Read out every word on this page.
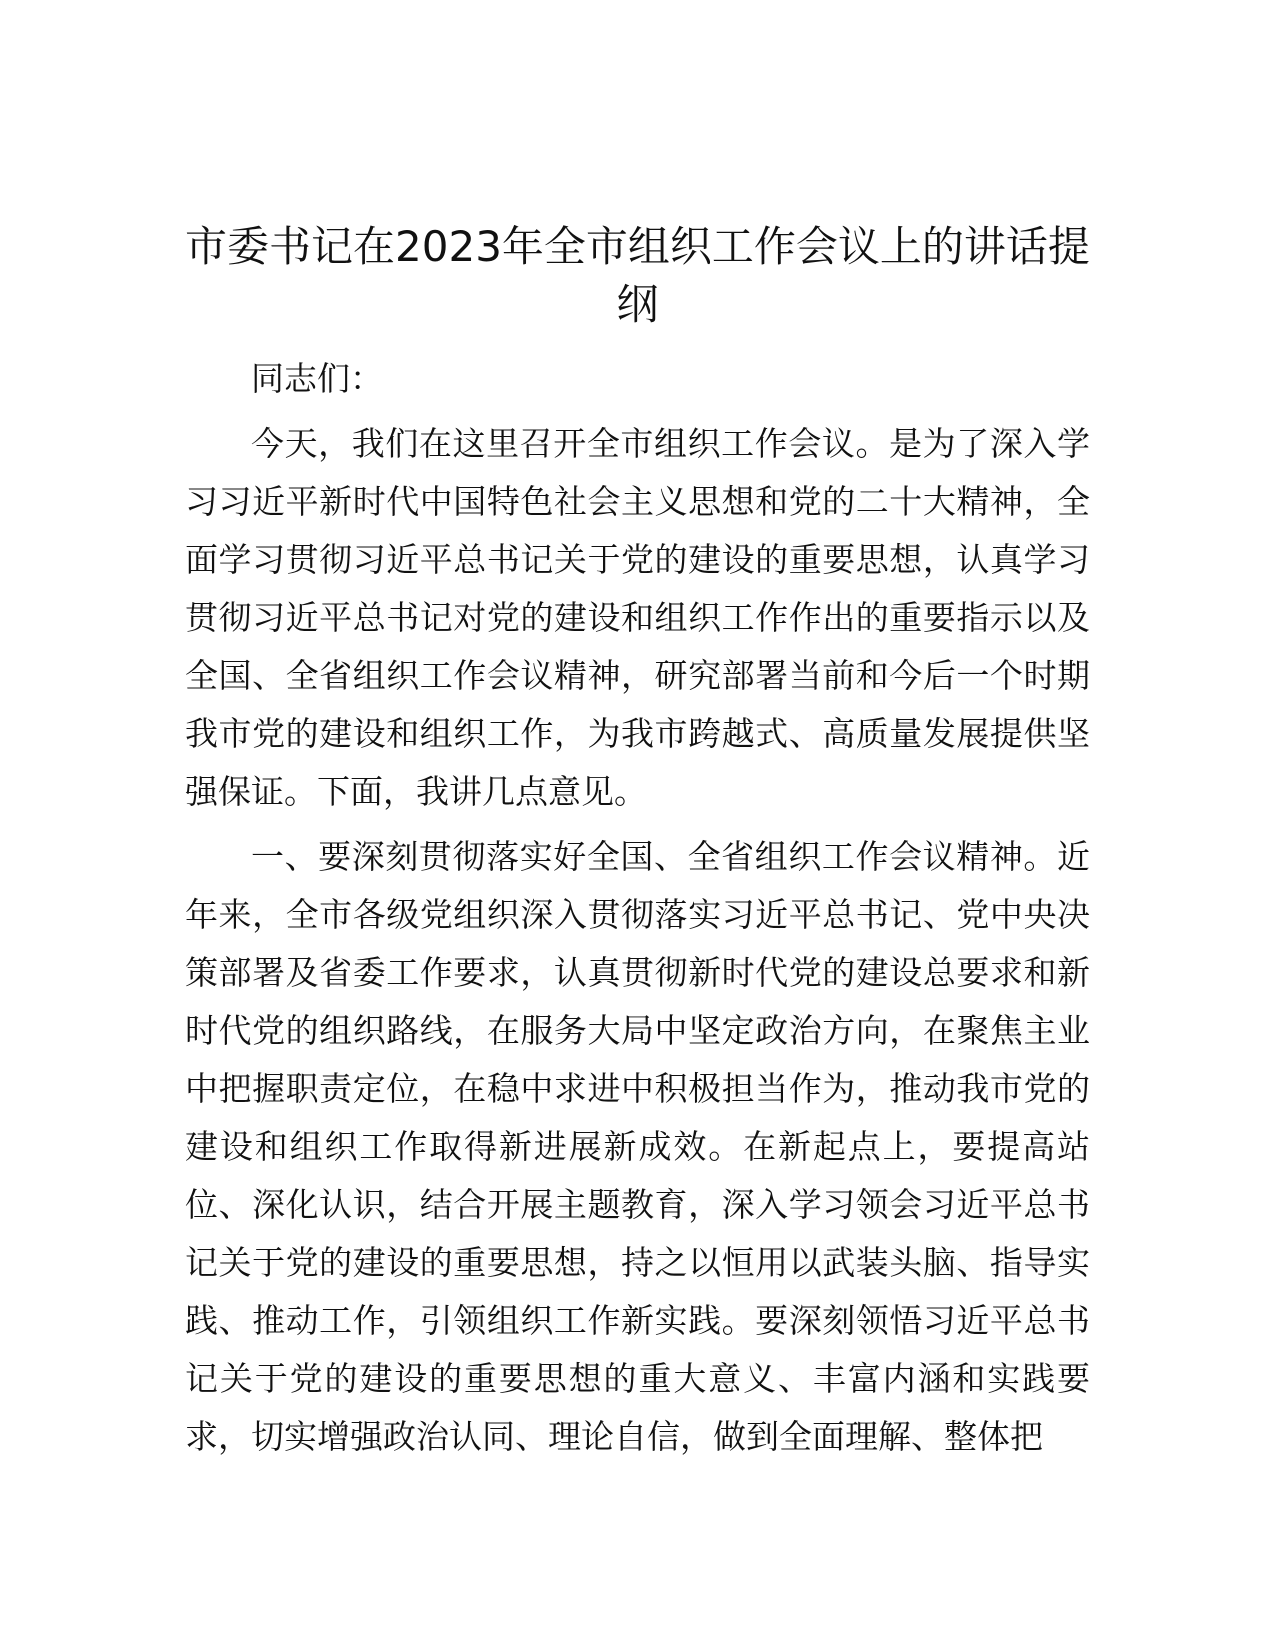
市委书记在2023年全市组织工作会议上的讲话提纲

同志们：

今天，我们在这里召开全市组织工作会议。是为了深入学习习近平新时代中国特色社会主义思想和党的二十大精神，全面学习贯彻习近平总书记关于党的建设的重要思想，认真学习贯彻习近平总书记对党的建设和组织工作作出的重要指示以及全国、全省组织工作会议精神，研究部署当前和今后一个时期我市党的建设和组织工作，为我市跨越式、高质量发展提供坚强保证。下面，我讲几点意见。

一、要深刻贯彻落实好全国、全省组织工作会议精神。近年来，全市各级党组织深入贯彻落实习近平总书记、党中央决策部署及省委工作要求，认真贯彻新时代党的建设总要求和新时代党的组织路线，在服务大局中坚定政治方向，在聚焦主业中把握职责定位，在稳中求进中积极担当作为，推动我市党的建设和组织工作取得新进展新成效。在新起点上，要提高站位、深化认识，结合开展主题教育，深入学习领会习近平总书记关于党的建设的重要思想，持之以恒用以武装头脑、指导实践、推动工作，引领组织工作新实践。要深刻领悟习近平总书记关于党的建设的重要思想的重大意义、丰富内涵和实践要求，切实增强政治认同、理论自信，做到全面理解、整体把
